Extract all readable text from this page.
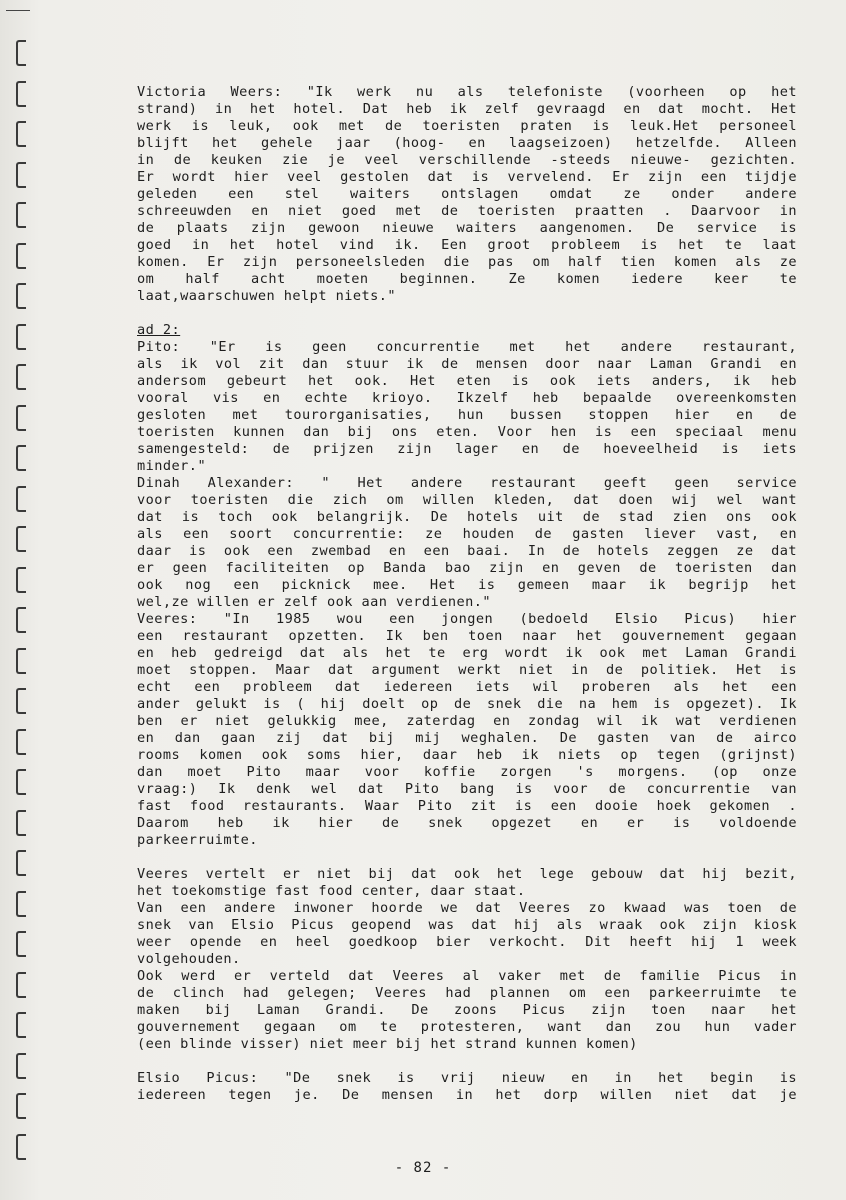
Victoria Weers: "Ik werk nu als telefoniste (voorheen op het
strand) in het hotel. Dat heb ik zelf gevraagd en dat mocht. Het
werk is leuk, ook met de toeristen praten is leuk.Het personeel
blijft het gehele jaar (hoog- en laagseizoen) hetzelfde. Alleen
in de keuken zie je veel verschillende -steeds nieuwe- gezichten.
Er wordt hier veel gestolen dat is vervelend. Er zijn een tijdje
geleden een stel waiters ontslagen omdat ze onder andere
schreeuwden en niet goed met de toeristen praatten . Daarvoor in
de plaats zijn gewoon nieuwe waiters aangenomen. De service is
goed in het hotel vind ik. Een groot probleem is het te laat
komen. Er zijn personeelsleden die pas om half tien komen als ze
om half acht moeten beginnen. Ze komen iedere keer te
laat,waarschuwen helpt niets."
ad 2:
Pito: "Er is geen concurrentie met het andere restaurant,
als ik vol zit dan stuur ik de mensen door naar Laman Grandi en
andersom gebeurt het ook. Het eten is ook iets anders, ik heb
vooral vis en echte krioyo. Ikzelf heb bepaalde overeenkomsten
gesloten met tourorganisaties, hun bussen stoppen hier en de
toeristen kunnen dan bij ons eten. Voor hen is een speciaal menu
samengesteld: de prijzen zijn lager en de hoeveelheid is iets
minder."
Dinah Alexander: " Het andere restaurant geeft geen service
voor toeristen die zich om willen kleden, dat doen wij wel want
dat is toch ook belangrijk. De hotels uit de stad zien ons ook
als een soort concurrentie: ze houden de gasten liever vast, en
daar is ook een zwembad en een baai. In de hotels zeggen ze dat
er geen faciliteiten op Banda bao zijn en geven de toeristen dan
ook nog een picknick mee. Het is gemeen maar ik begrijp het
wel,ze willen er zelf ook aan verdienen."
Veeres: "In 1985 wou een jongen (bedoeld Elsio Picus) hier
een restaurant opzetten. Ik ben toen naar het gouvernement gegaan
en heb gedreigd dat als het te erg wordt ik ook met Laman Grandi
moet stoppen. Maar dat argument werkt niet in de politiek. Het is
echt een probleem dat iedereen iets wil proberen als het een
ander gelukt is ( hij doelt op de snek die na hem is opgezet). Ik
ben er niet gelukkig mee, zaterdag en zondag wil ik wat verdienen
en dan gaan zij dat bij mij weghalen. De gasten van de airco
rooms komen ook soms hier, daar heb ik niets op tegen (grijnst)
dan moet Pito maar voor koffie zorgen 's morgens. (op onze
vraag:) Ik denk wel dat Pito bang is voor de concurrentie van
fast food restaurants. Waar Pito zit is een dooie hoek gekomen .
Daarom heb ik hier de snek opgezet en er is voldoende
parkeerruimte.
Veeres vertelt er niet bij dat ook het lege gebouw dat hij bezit,
het toekomstige fast food center, daar staat.
Van een andere inwoner hoorde we dat Veeres zo kwaad was toen de
snek van Elsio Picus geopend was dat hij als wraak ook zijn kiosk
weer opende en heel goedkoop bier verkocht. Dit heeft hij 1 week
volgehouden.
Ook werd er verteld dat Veeres al vaker met de familie Picus in
de clinch had gelegen; Veeres had plannen om een parkeerruimte te
maken bij Laman Grandi. De zoons Picus zijn toen naar het
gouvernement gegaan om te protesteren, want dan zou hun vader
(een blinde visser) niet meer bij het strand kunnen komen)
Elsio Picus: "De snek is vrij nieuw en in het begin is
iedereen tegen je. De mensen in het dorp willen niet dat je
- 82 -
